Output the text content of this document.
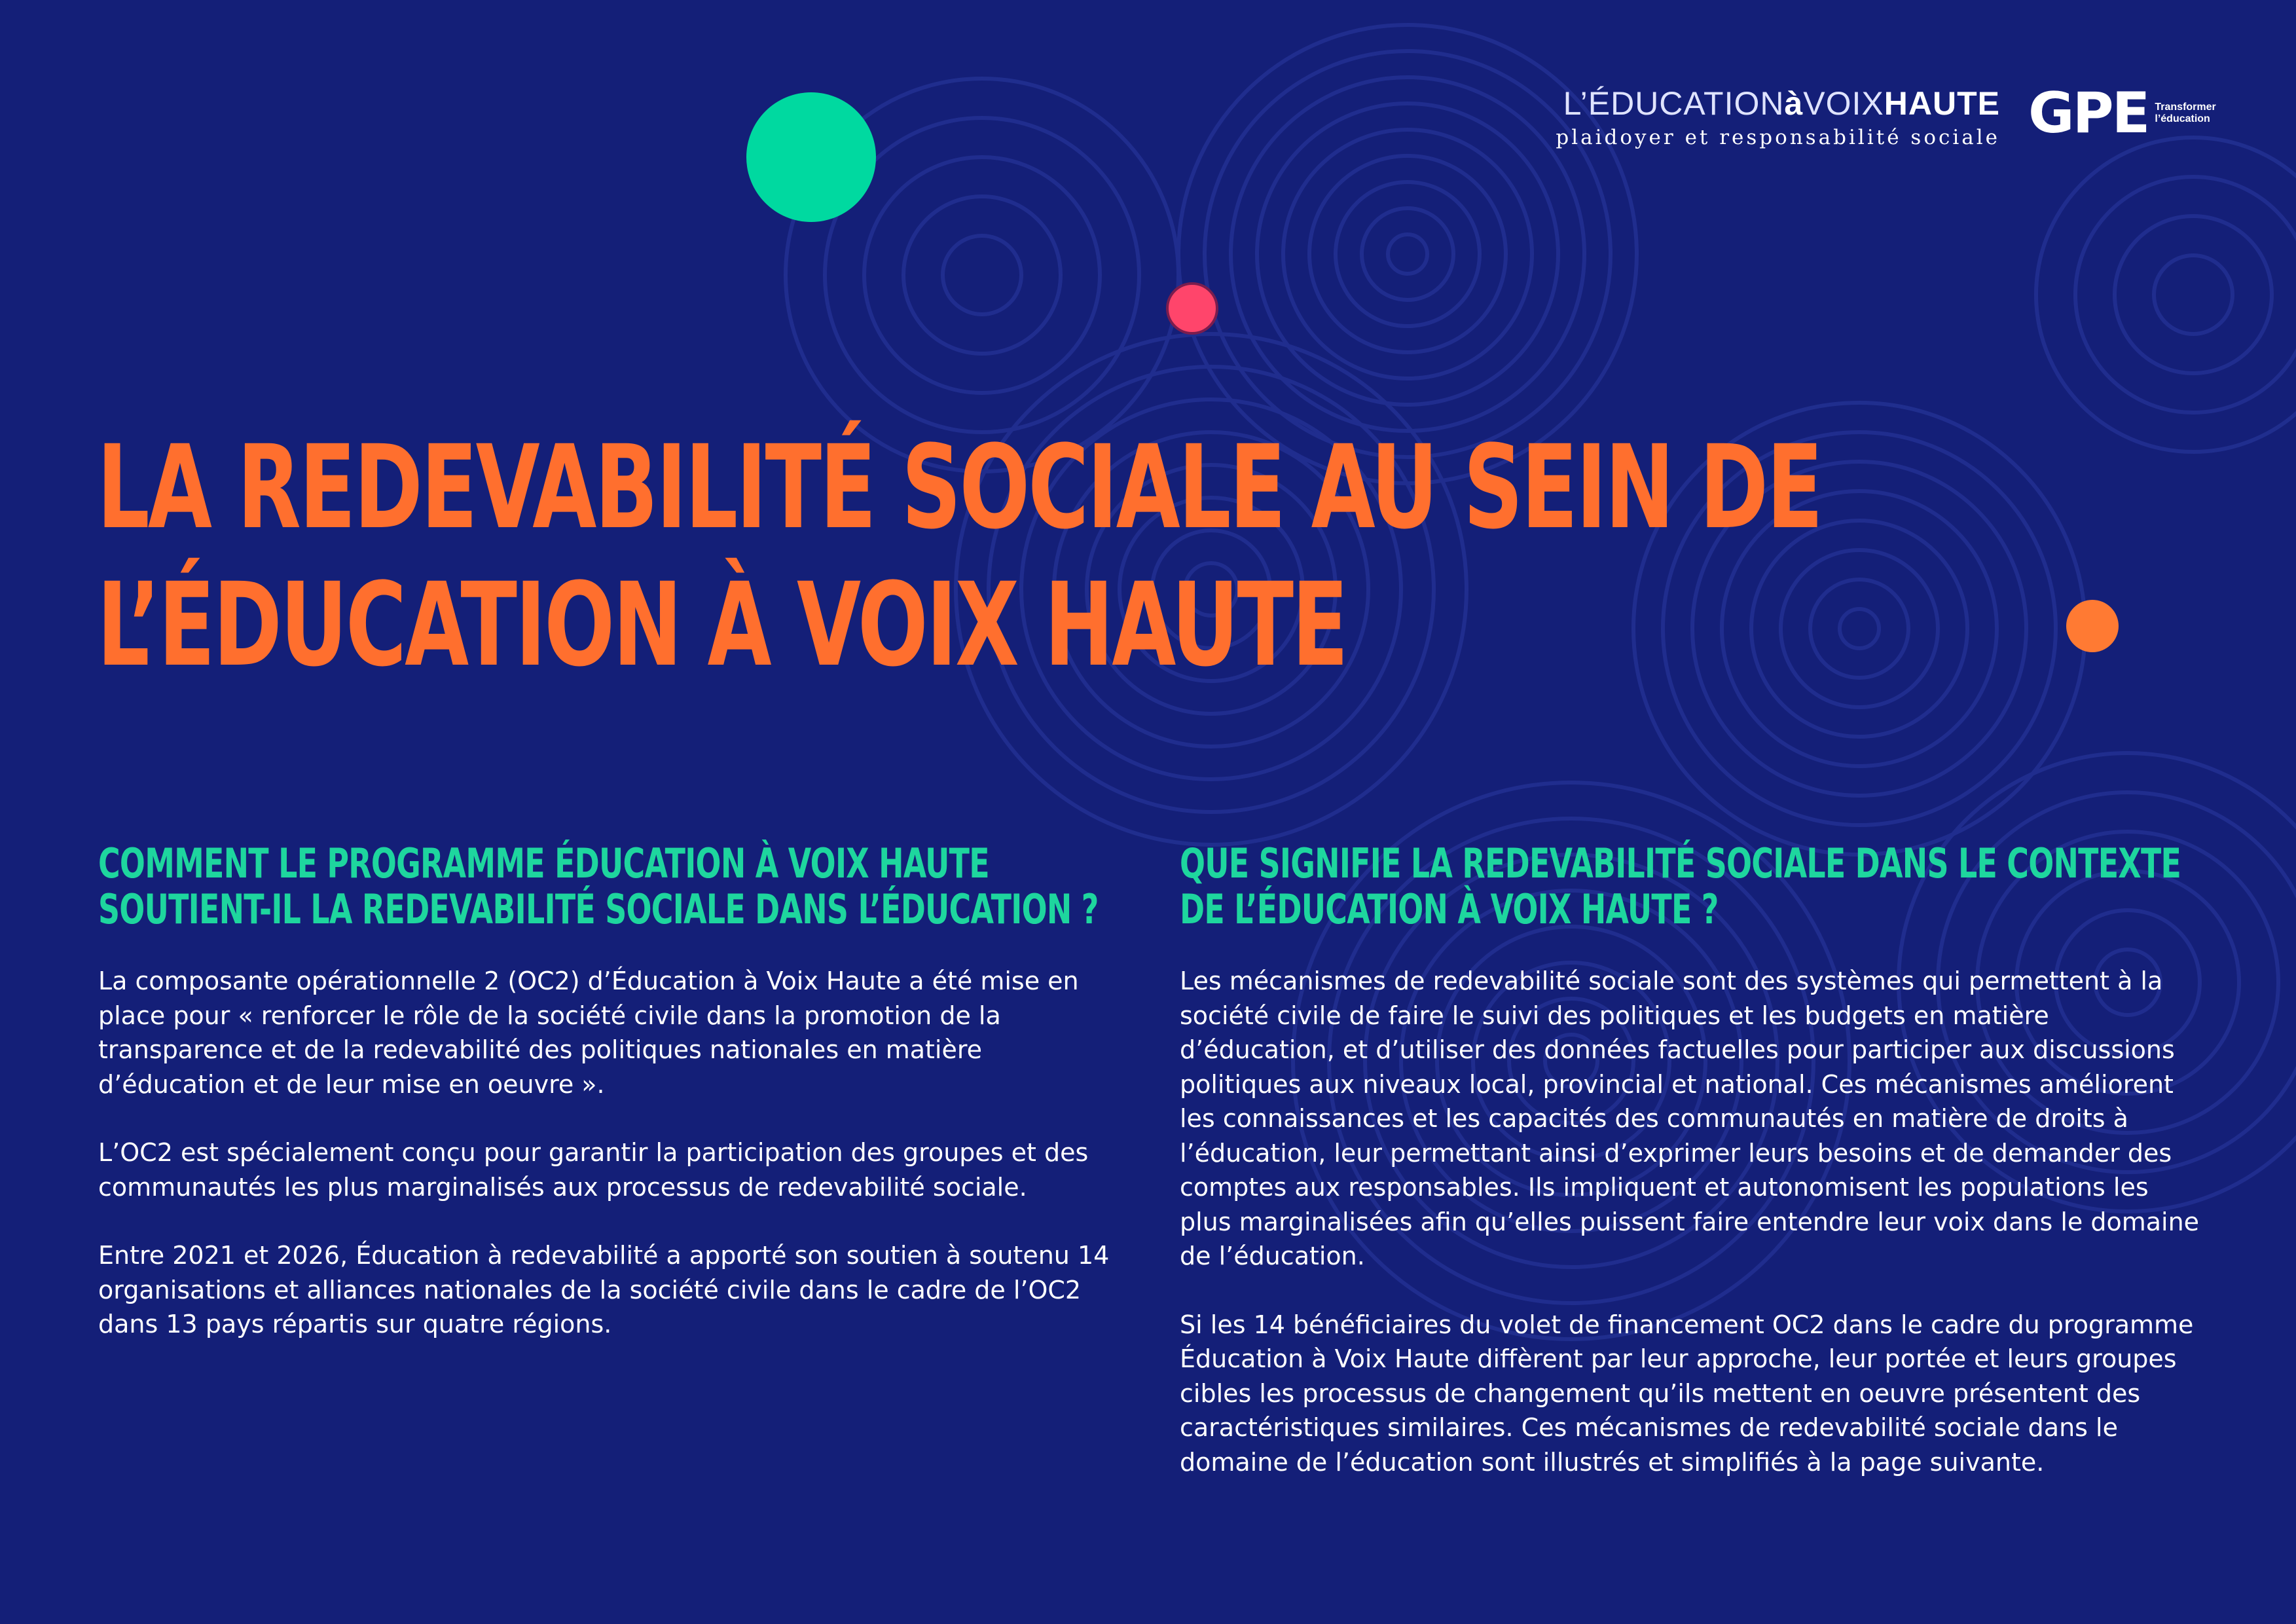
L’ÉDUCATIONàVOIXHAUTE
plaidoyer et responsabilité sociale GPE Transformer l’éducation
LA REDEVABILITÉ SOCIALE AU SEIN DE
L’ÉDUCATION À VOIX HAUTE
COMMENT LE PROGRAMME ÉDUCATION À VOIX HAUTE SOUTIENT-IL LA REDEVABILITÉ SOCIALE DANS L’ÉDUCATION ?

La composante opérationnelle 2 (OC2) d’Éducation à Voix Haute a été mise en place pour « renforcer le rôle de la société civile dans la promotion de la transparence et de la redevabilité des politiques nationales en matière d’éducation et de leur mise en oeuvre ».

L’OC2 est spécialement conçu pour garantir la participation des groupes et des communautés les plus marginalisés aux processus de redevabilité sociale.

Entre 2021 et 2026, Éducation à redevabilité a apporté son soutien à soutenu 14 organisations et alliances nationales de la société civile dans le cadre de l’OC2 dans 13 pays répartis sur quatre régions.

QUE SIGNIFIE LA REDEVABILITÉ SOCIALE DANS LE CONTEXTE DE L’ÉDUCATION À VOIX HAUTE ?

Les mécanismes de redevabilité sociale sont des systèmes qui permettent à la société civile de faire le suivi des politiques et les budgets en matière d’éducation, et d’utiliser des données factuelles pour participer aux discussions politiques aux niveaux local, provincial et national. Ces mécanismes améliorent les connaissances et les capacités des communautés en matière de droits à l’éducation, leur permettant ainsi d’exprimer leurs besoins et de demander des comptes aux responsables. Ils impliquent et autonomisent les populations les plus marginalisées afin qu’elles puissent faire entendre leur voix dans le domaine de l’éducation.

Si les 14 bénéficiaires du volet de financement OC2 dans le cadre du programme Éducation à Voix Haute diffèrent par leur approche, leur portée et leurs groupes cibles les processus de changement qu’ils mettent en oeuvre présentent des caractéristiques similaires. Ces mécanismes de redevabilité sociale dans le domaine de l’éducation sont illustrés et simplifiés à la page suivante.
